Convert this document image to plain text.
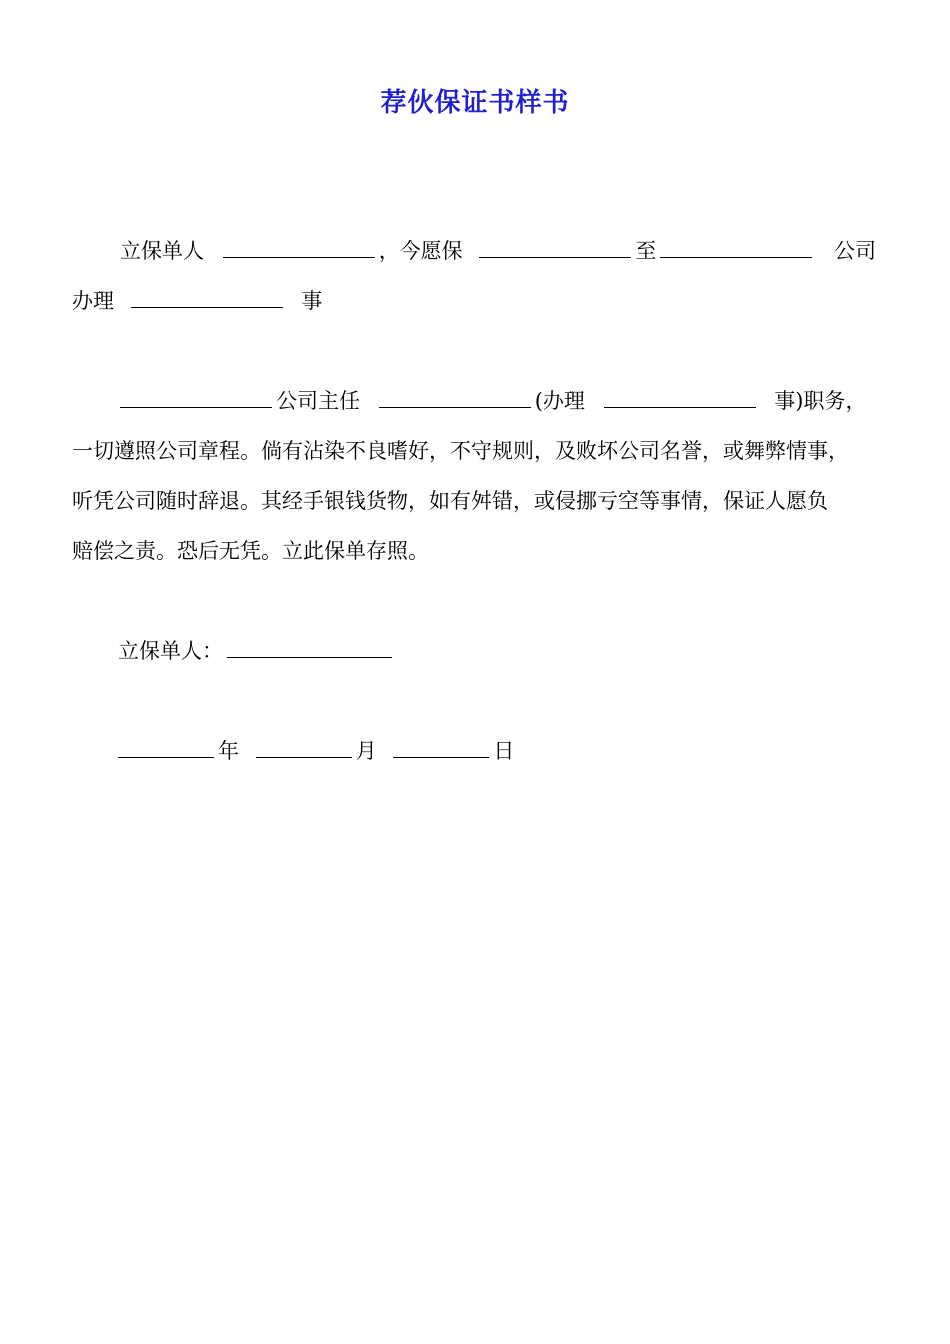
荐伙保证书样书
立保单人	，今愿保	至	公司
办理	事
公司主任	(办理	事)职务，
一切遵照公司章程。倘有沾染不良嗜好，不守规则，及败坏公司名誉，或舞弊情事，
听凭公司随时辞退。其经手银钱货物，如有舛错，或侵挪亏空等事情，保证人愿负
赔偿之责。恐后无凭。立此保单存照。
立保单人：
年	月	日
